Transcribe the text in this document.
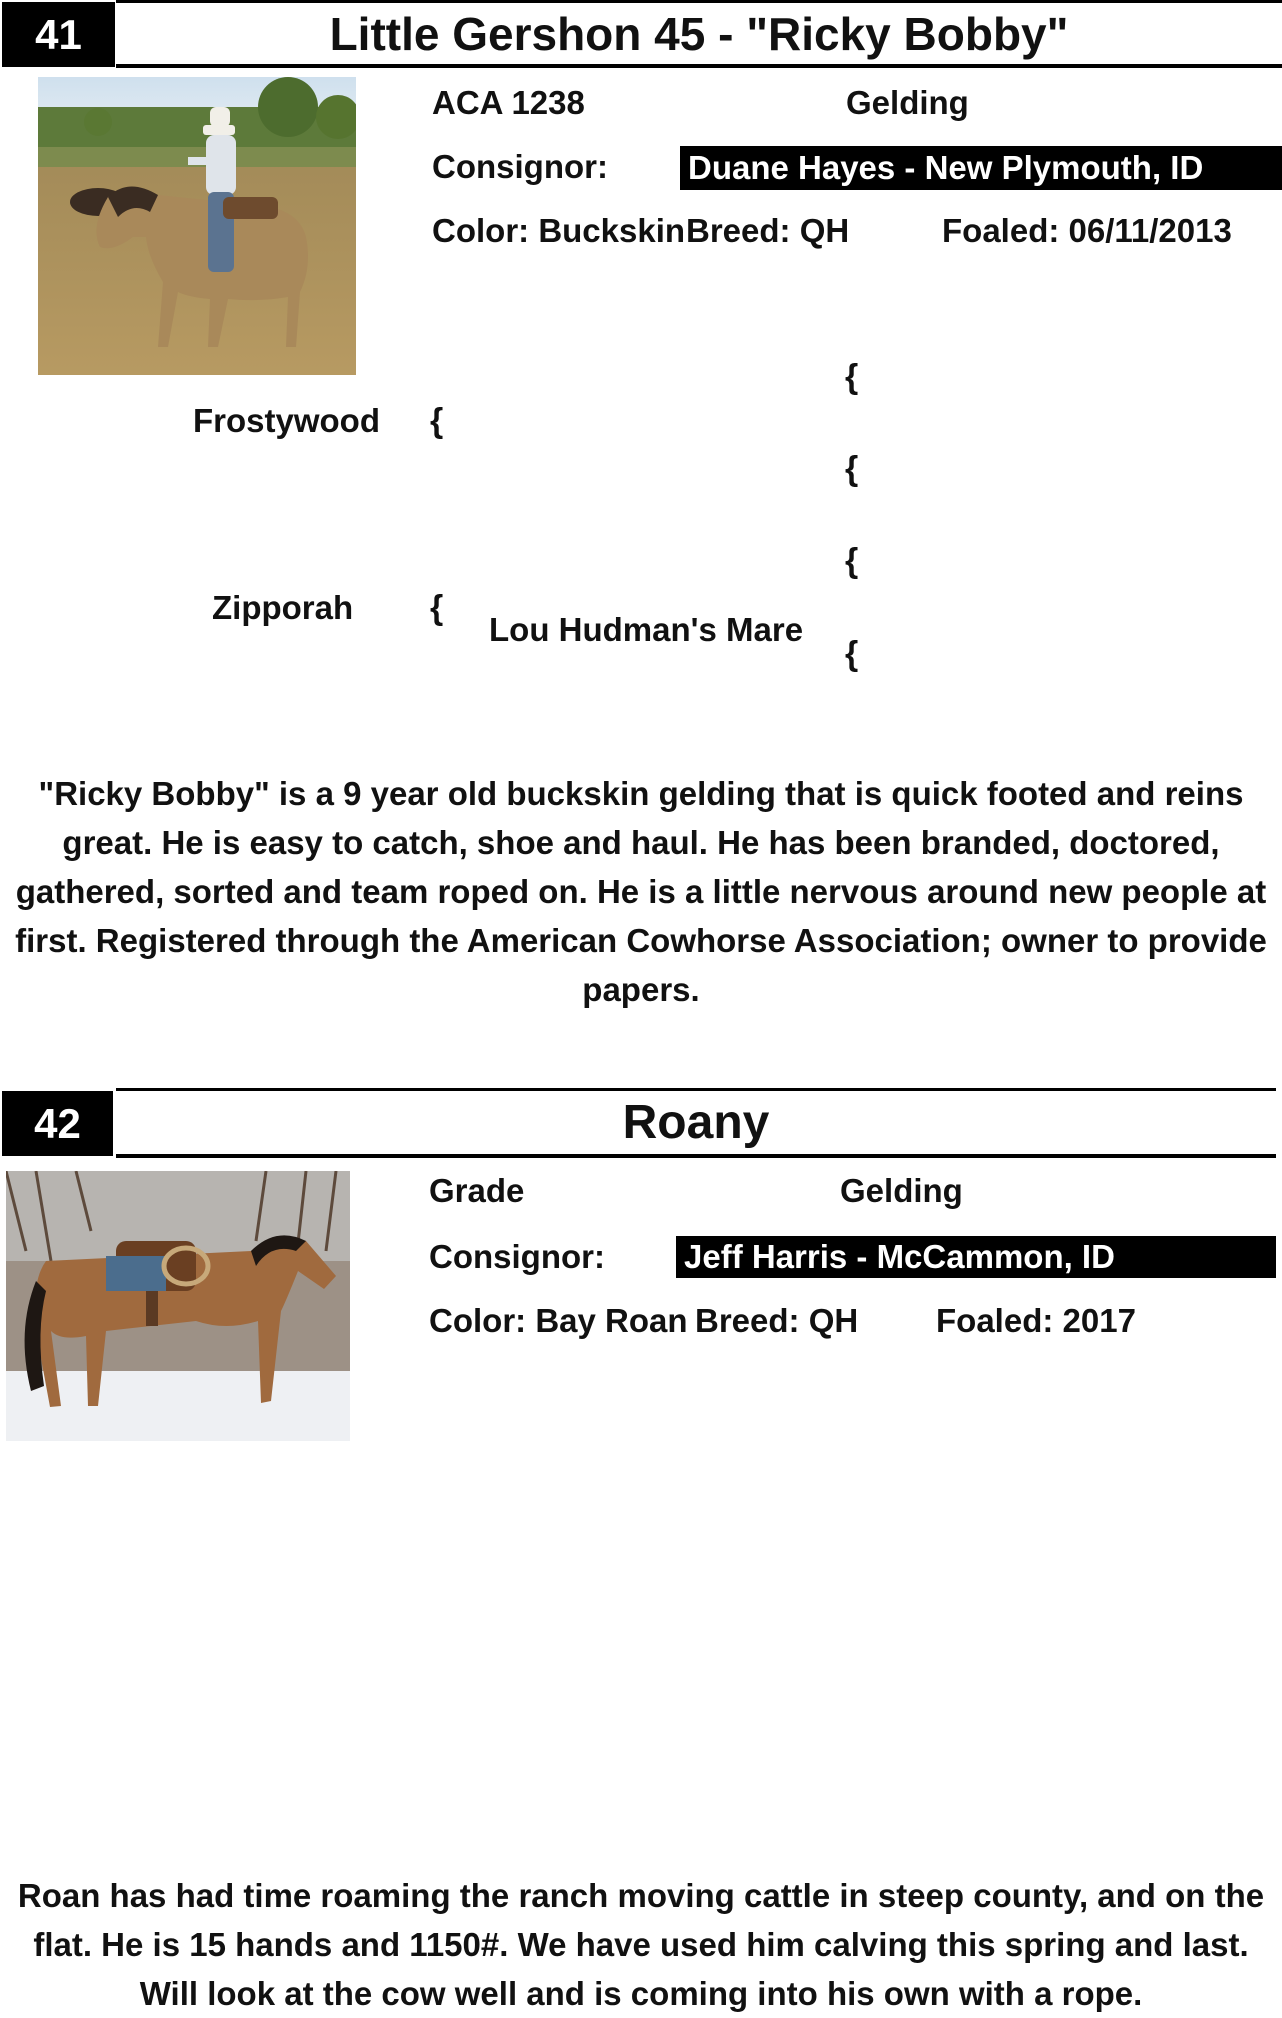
41	Little Gershon 45 - "Ricky Bobby"
ACA 1238	Gelding
Consignor: Duane Hayes - New Plymouth, ID
Color: Buckskin Breed: QH	Foaled: 06/11/2013
Frostywood {
{
{
Zipporah {
Lou Hudman's Mare
{
{
"Ricky Bobby" is a 9 year old buckskin gelding that is quick footed and reins great. He is easy to catch, shoe and haul. He has been branded, doctored, gathered, sorted and team roped on. He is a little nervous around new people at first. Registered through the American Cowhorse Association; owner to provide papers.
42	Roany
Grade	Gelding
Consignor: Jeff Harris - McCammon, ID
Color: Bay Roan Breed: QH Foaled: 2017
Roan has had time roaming the ranch moving cattle in steep county, and on the flat. He is 15 hands and 1150#. We have used him calving this spring and last. Will look at the cow well and is coming into his own with a rope.
